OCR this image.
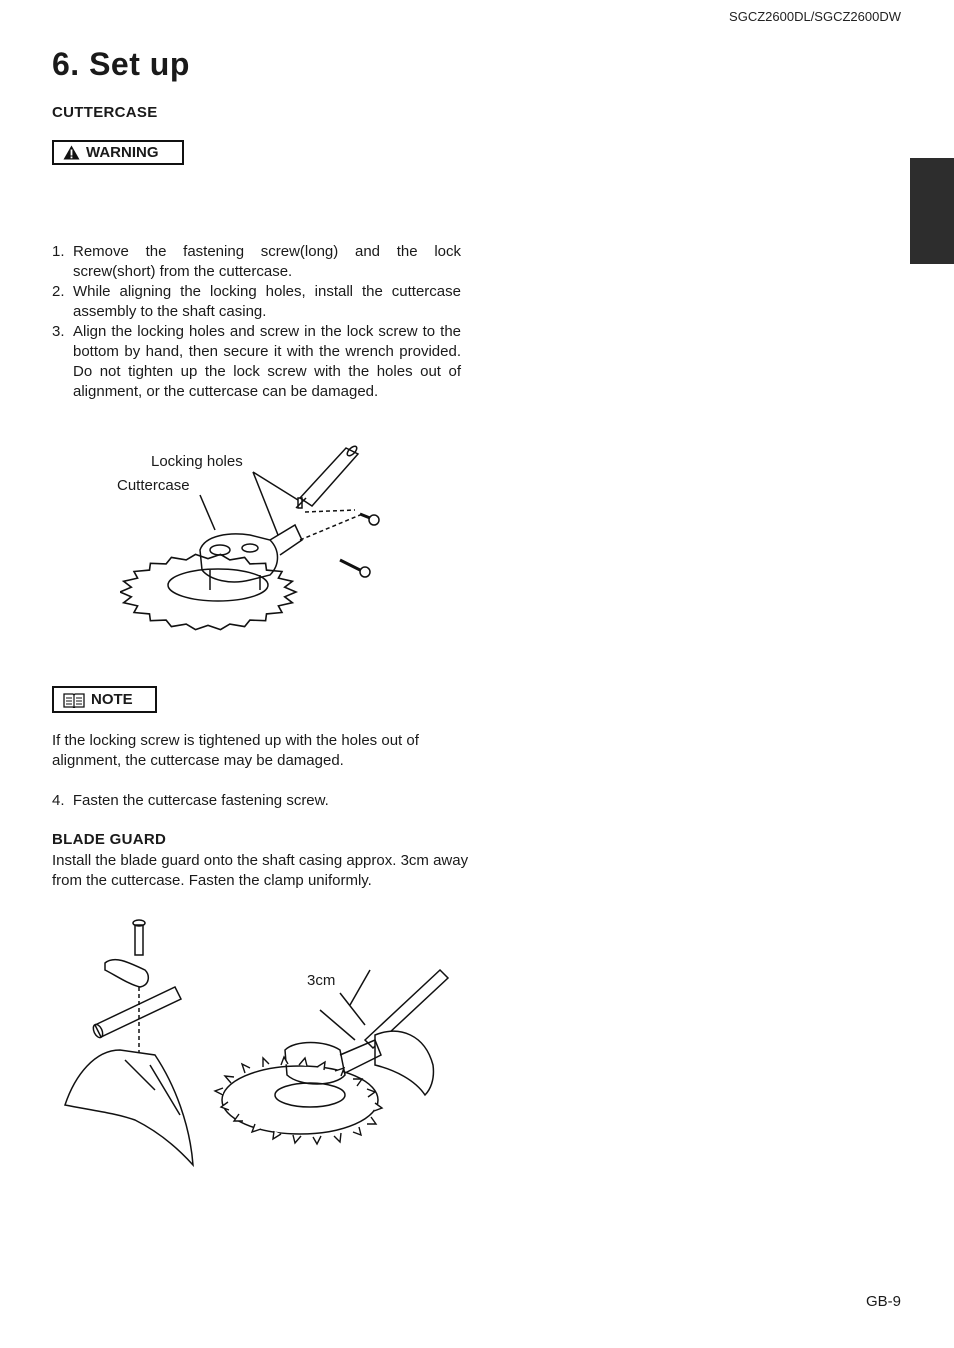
SGCZ2600DL/SGCZ2600DW
6. Set up
CUTTERCASE
WARNING
1. Remove the fastening screw(long) and the lock screw(short) from the cuttercase.
2. While aligning the locking holes, install the cuttercase assembly to the shaft casing.
3. Align the locking holes and screw in the lock screw to the bottom by hand, then secure it with the wrench provided. Do not tighten up the lock screw with the holes out of alignment, or the cuttercase can be damaged.
Locking holes
Cuttercase
NOTE
If the locking screw is tightened up with the holes out of alignment, the cuttercase may be damaged.
4. Fasten the cuttercase fastening screw.
BLADE GUARD
Install the blade guard onto the shaft casing approx. 3cm away from the cuttercase. Fasten the clamp uniformly.
3cm
GB-9
